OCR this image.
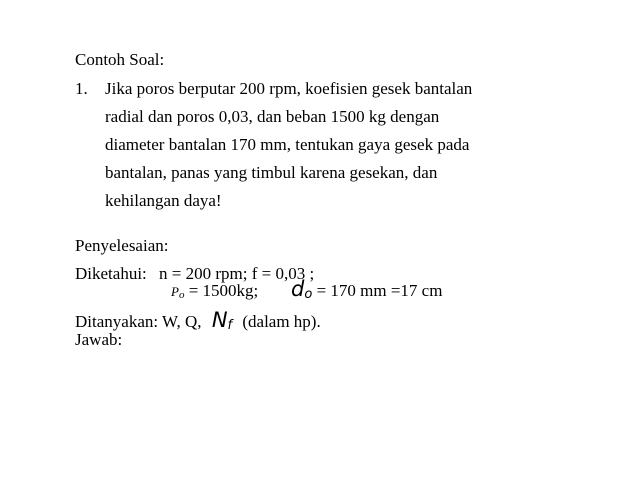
Contoh Soal:
1. Jika poros berputar 200 rpm, koefisien gesek bantalan
radial dan poros 0,03, dan beban 1500 kg dengan
diameter bantalan 170 mm, tentukan gaya gesek pada
bantalan, panas yang timbul karena gesekan, dan
kehilangan daya!
Penyelesaian:
Diketahui: n = 200 rpm; f = 0,03 ;
Po = 1500kg; do = 170 mm =17 cm
Ditanyakan: W, Q, Nf (dalam hp).
Jawab:
